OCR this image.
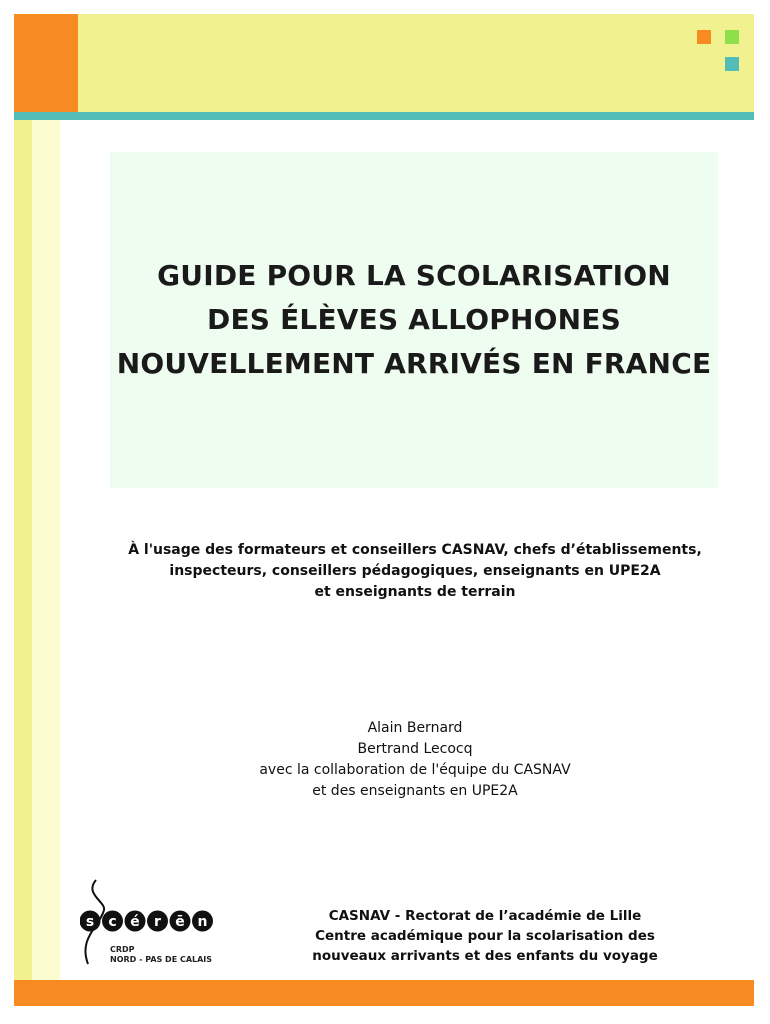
GUIDE POUR LA SCOLARISATION
DES ÉLÈVES ALLOPHONES
NOUVELLEMENT ARRIVÉS EN FRANCE
À l'usage des formateurs et conseillers CASNAV, chefs d’établissements,
inspecteurs, conseillers pédagogiques, enseignants en UPE2A
et enseignants de terrain
Alain Bernard
Bertrand Lecocq
avec la collaboration de l'équipe du CASNAV
et des enseignants en UPE2A
s c é r ē n
CRDP
NORD - PAS DE CALAIS
CASNAV - Rectorat de l’académie de Lille
Centre académique pour la scolarisation des
nouveaux arrivants et des enfants du voyage
